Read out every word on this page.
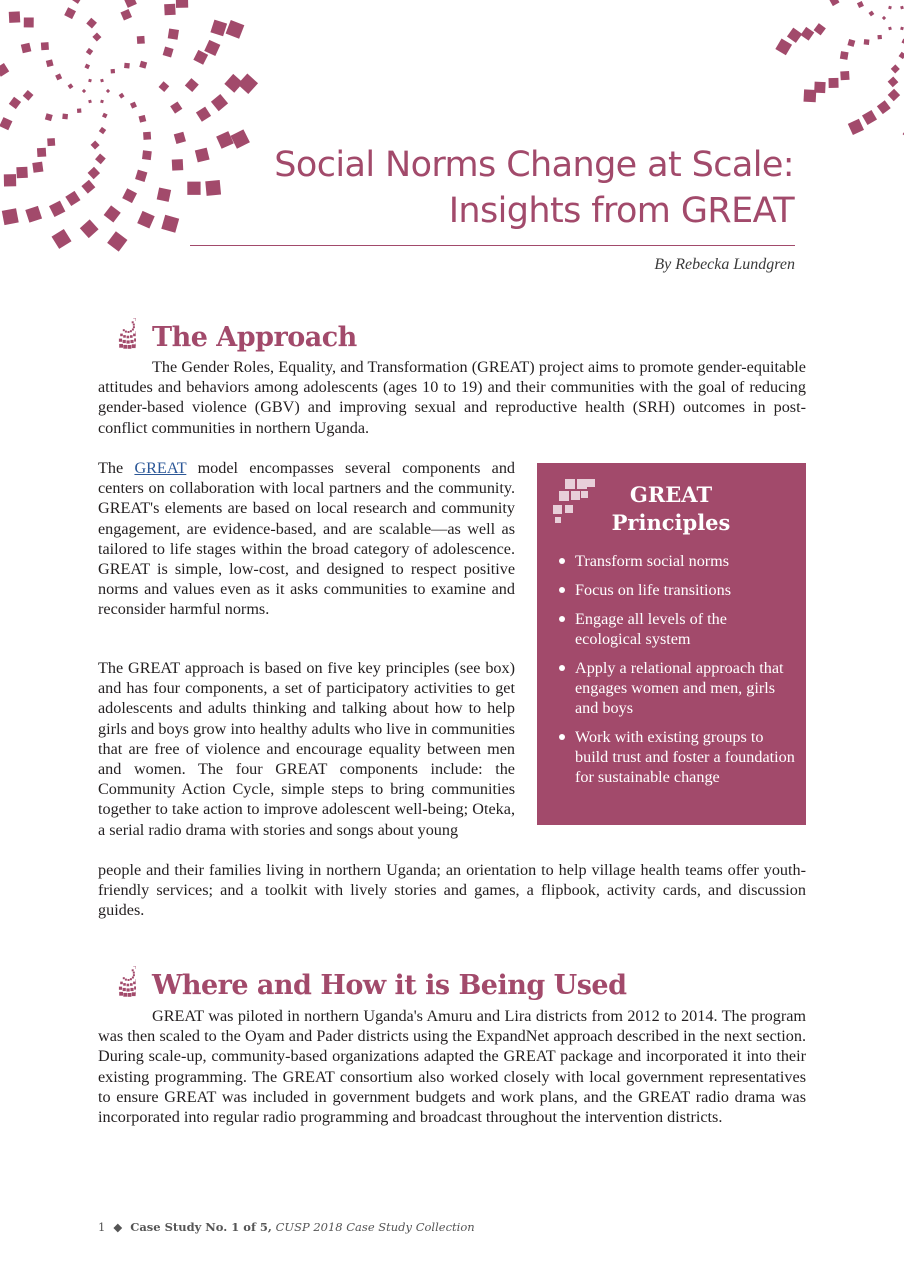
Social Norms Change at Scale:
Insights from GREAT
By Rebecka Lundgren
The Approach

The Gender Roles, Equality, and Transformation (GREAT) project aims to promote gender-equitable attitudes and behaviors among adolescents (ages 10 to 19) and their communities with the goal of reducing gender-based violence (GBV) and improving sexual and reproductive health (SRH) outcomes in post-conflict communities in northern Uganda.

The GREAT model encompasses several components and centers on collaboration with local partners and the community. GREAT's elements are based on local research and community engagement, are evidence-based, and are scalable—as well as tailored to life stages within the broad category of adolescence. GREAT is simple, low-cost, and designed to respect positive norms and values even as it asks communities to examine and reconsider harmful norms.

The GREAT approach is based on five key principles (see box) and has four components, a set of participatory activities to get adolescents and adults thinking and talking about how to help girls and boys grow into healthy adults who live in communities that are free of violence and encourage equality between men and women. The four GREAT components include: the Community Action Cycle, simple steps to bring communities together to take action to improve adolescent well-being; Oteka, a serial radio drama with stories and songs about young

people and their families living in northern Uganda; an orientation to help village health teams offer youth-friendly services; and a toolkit with lively stories and games, a flipbook, activity cards, and discussion guides.

GREAT
Principles
Transform social norms
Focus on life transitions
Engage all levels of the ecological system
Apply a relational approach that engages women and men, girls and boys
Work with existing groups to build trust and foster a foundation for sustainable change
Where and How it is Being Used

GREAT was piloted in northern Uganda's Amuru and Lira districts from 2012 to 2014. The program was then scaled to the Oyam and Pader districts using the ExpandNet approach described in the next section. During scale-up, community-based organizations adapted the GREAT package and incorporated it into their existing programming. The GREAT consortium also worked closely with local government representatives to ensure GREAT was included in government budgets and work plans, and the GREAT radio drama was incorporated into regular radio programming and broadcast throughout the intervention districts.

1 ◆ Case Study No. 1 of 5, CUSP 2018 Case Study Collection
